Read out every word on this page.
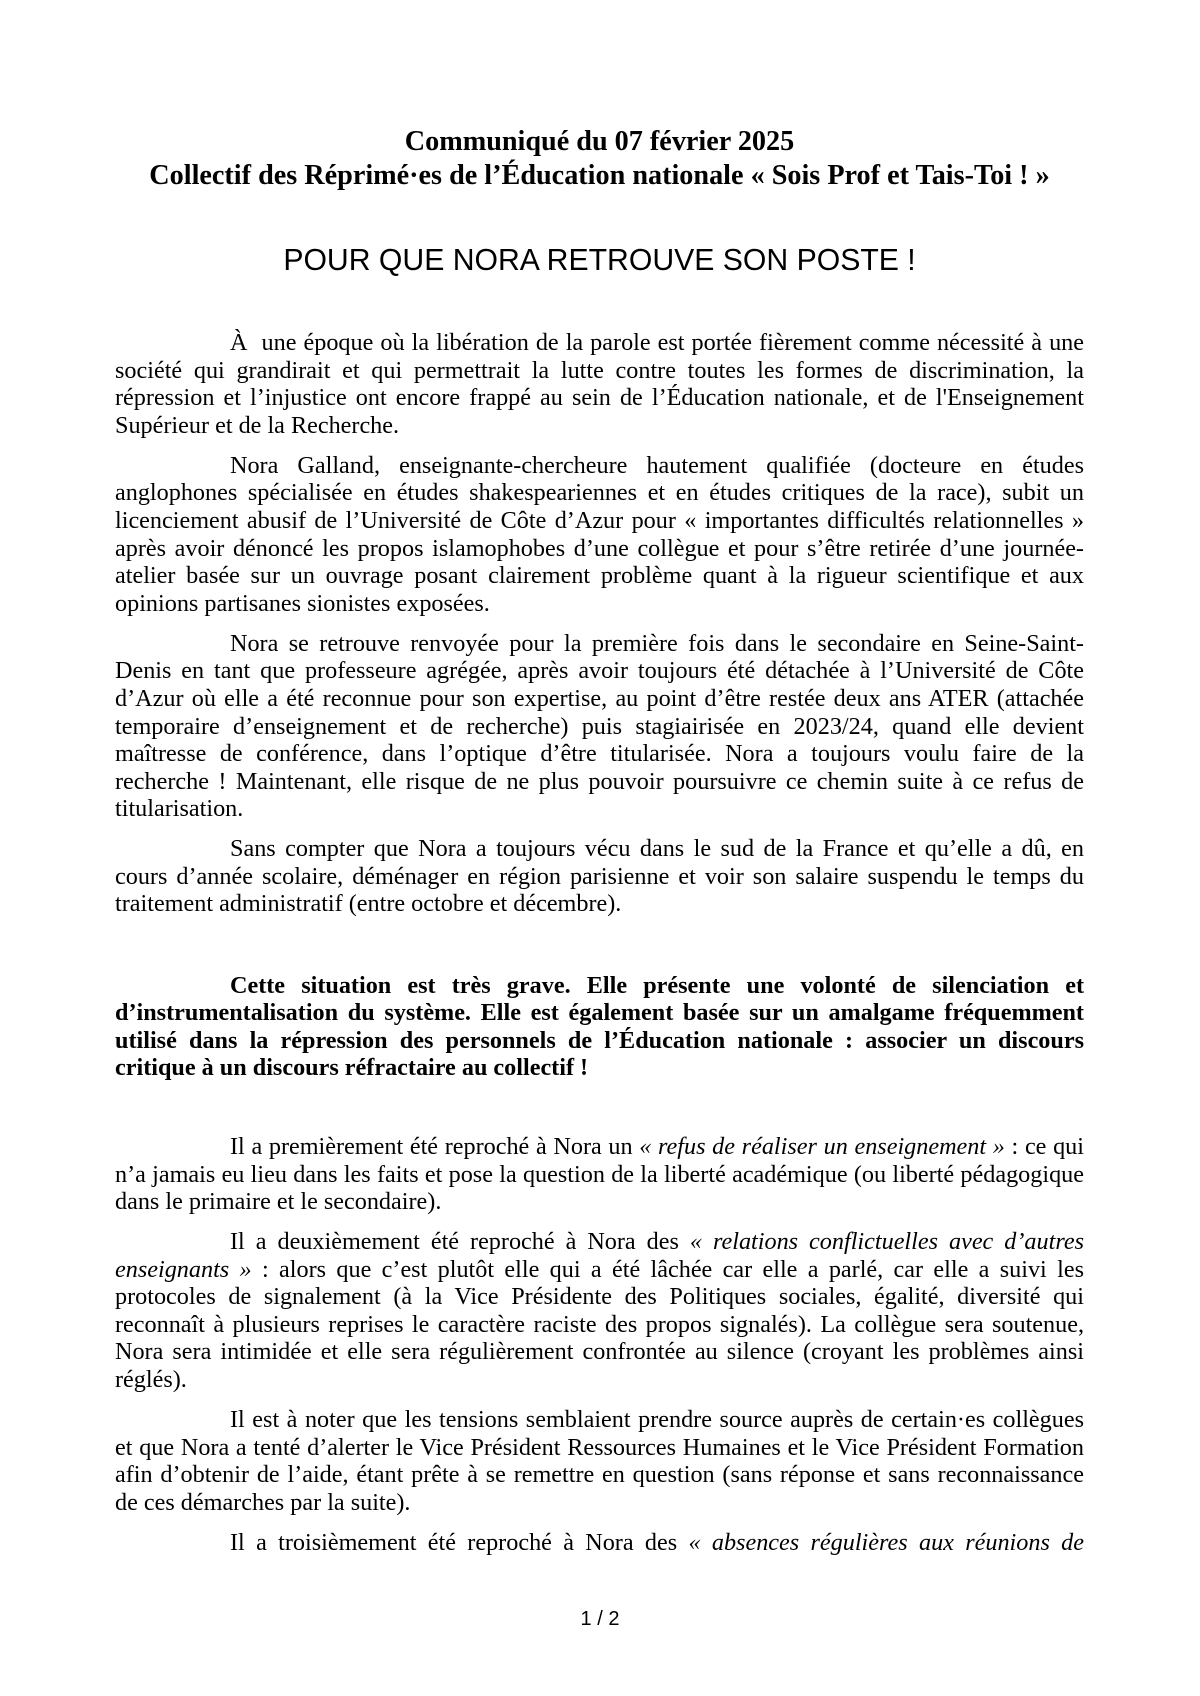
Communiqué du 07 février 2025
Collectif des Réprimé·es de l’Éducation nationale « Sois Prof et Tais-Toi ! »
POUR QUE NORA RETROUVE SON POSTE !

À  une époque où la libération de la parole est portée fièrement comme nécessité à une société qui grandirait et qui permettrait la lutte contre toutes les formes de discrimination, la répression et l’injustice ont encore frappé au sein de l’Éducation nationale, et de l'Enseignement Supérieur et de la Recherche.

Nora Galland, enseignante-chercheure hautement qualifiée (docteure en études anglophones spécialisée en études shakespeariennes et en études critiques de la race), subit un licenciement abusif de l’Université de Côte d’Azur pour « importantes difficultés relationnelles » après avoir dénoncé les propos islamophobes d’une collègue et pour s’être retirée d’une journée-atelier basée sur un ouvrage posant clairement problème quant à la rigueur scientifique et aux opinions partisanes sionistes exposées.

Nora se retrouve renvoyée pour la première fois dans le secondaire en Seine-Saint-Denis en tant que professeure agrégée, après avoir toujours été détachée à l’Université de Côte d’Azur où elle a été reconnue pour son expertise, au point d’être restée deux ans ATER (attachée temporaire d’enseignement et de recherche) puis stagiairisée en 2023/24, quand elle devient maîtresse de conférence, dans l’optique d’être titularisée. Nora a toujours voulu faire de la recherche ! Maintenant, elle risque de ne plus pouvoir poursuivre ce chemin suite à ce refus de titularisation.

Sans compter que Nora a toujours vécu dans le sud de la France et qu’elle a dû, en cours d’année scolaire, déménager en région parisienne et voir son salaire suspendu le temps du traitement administratif (entre octobre et décembre).

Cette situation est très grave. Elle présente une volonté de silenciation et d’instrumentalisation du système. Elle est également basée sur un amalgame fréquemment utilisé dans la répression des personnels de l’Éducation nationale : associer un discours critique à un discours réfractaire au collectif !

Il a premièrement été reproché à Nora un « refus de réaliser un enseignement » : ce qui n’a jamais eu lieu dans les faits et pose la question de la liberté académique (ou liberté pédagogique dans le primaire et le secondaire).

Il a deuxièmement été reproché à Nora des « relations conflictuelles avec d’autres enseignants » : alors que c’est plutôt elle qui a été lâchée car elle a parlé, car elle a suivi les protocoles de signalement (à la Vice Présidente des Politiques sociales, égalité, diversité qui reconnaît à plusieurs reprises le caractère raciste des propos signalés). La collègue sera soutenue, Nora sera intimidée et elle sera régulièrement confrontée au silence (croyant les problèmes ainsi réglés).

Il est à noter que les tensions semblaient prendre source auprès de certain·es collègues et que Nora a tenté d’alerter le Vice Président Ressources Humaines et le Vice Président Formation afin d’obtenir de l’aide, étant prête à se remettre en question (sans réponse et sans reconnaissance de ces démarches par la suite).

Il a troisièmement été reproché à Nora des « absences régulières aux réunions de

1 / 2
